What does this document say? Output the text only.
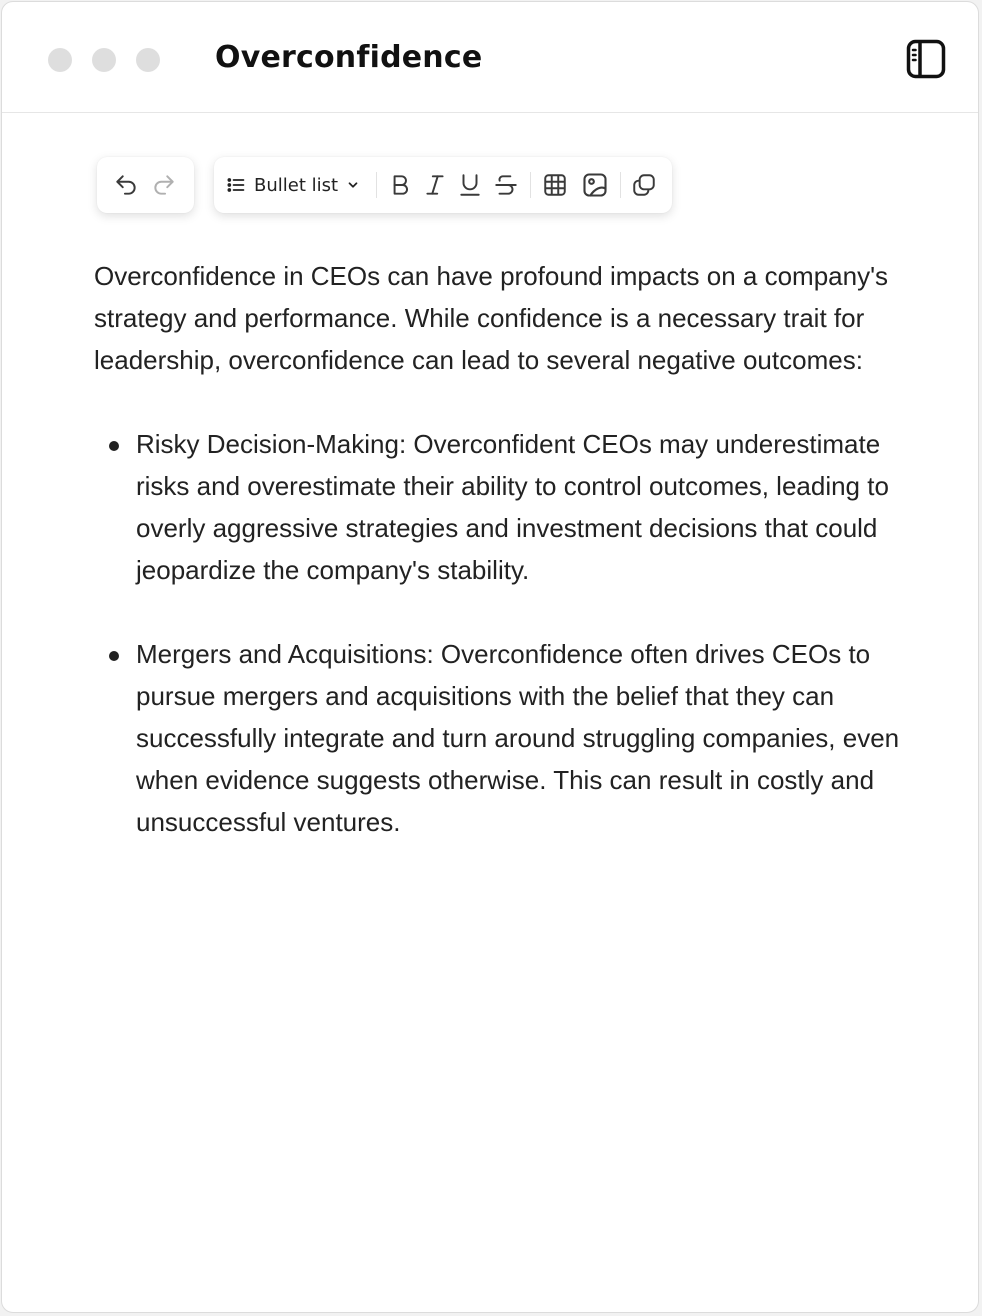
Overconfidence
Bullet list

Overconfidence in CEOs can have profound impacts on a company's strategy and performance. While confidence is a necessary trait for leadership, overconfidence can lead to several negative outcomes:

Risky Decision-Making: Overconfident CEOs may underestimate risks and overestimate their ability to control outcomes, leading to overly aggressive strategies and investment decisions that could jeopardize the company's stability.
Mergers and Acquisitions: Overconfidence often drives CEOs to pursue mergers and acquisitions with the belief that they can successfully integrate and turn around struggling companies, even when evidence suggests otherwise. This can result in costly and unsuccessful ventures.
